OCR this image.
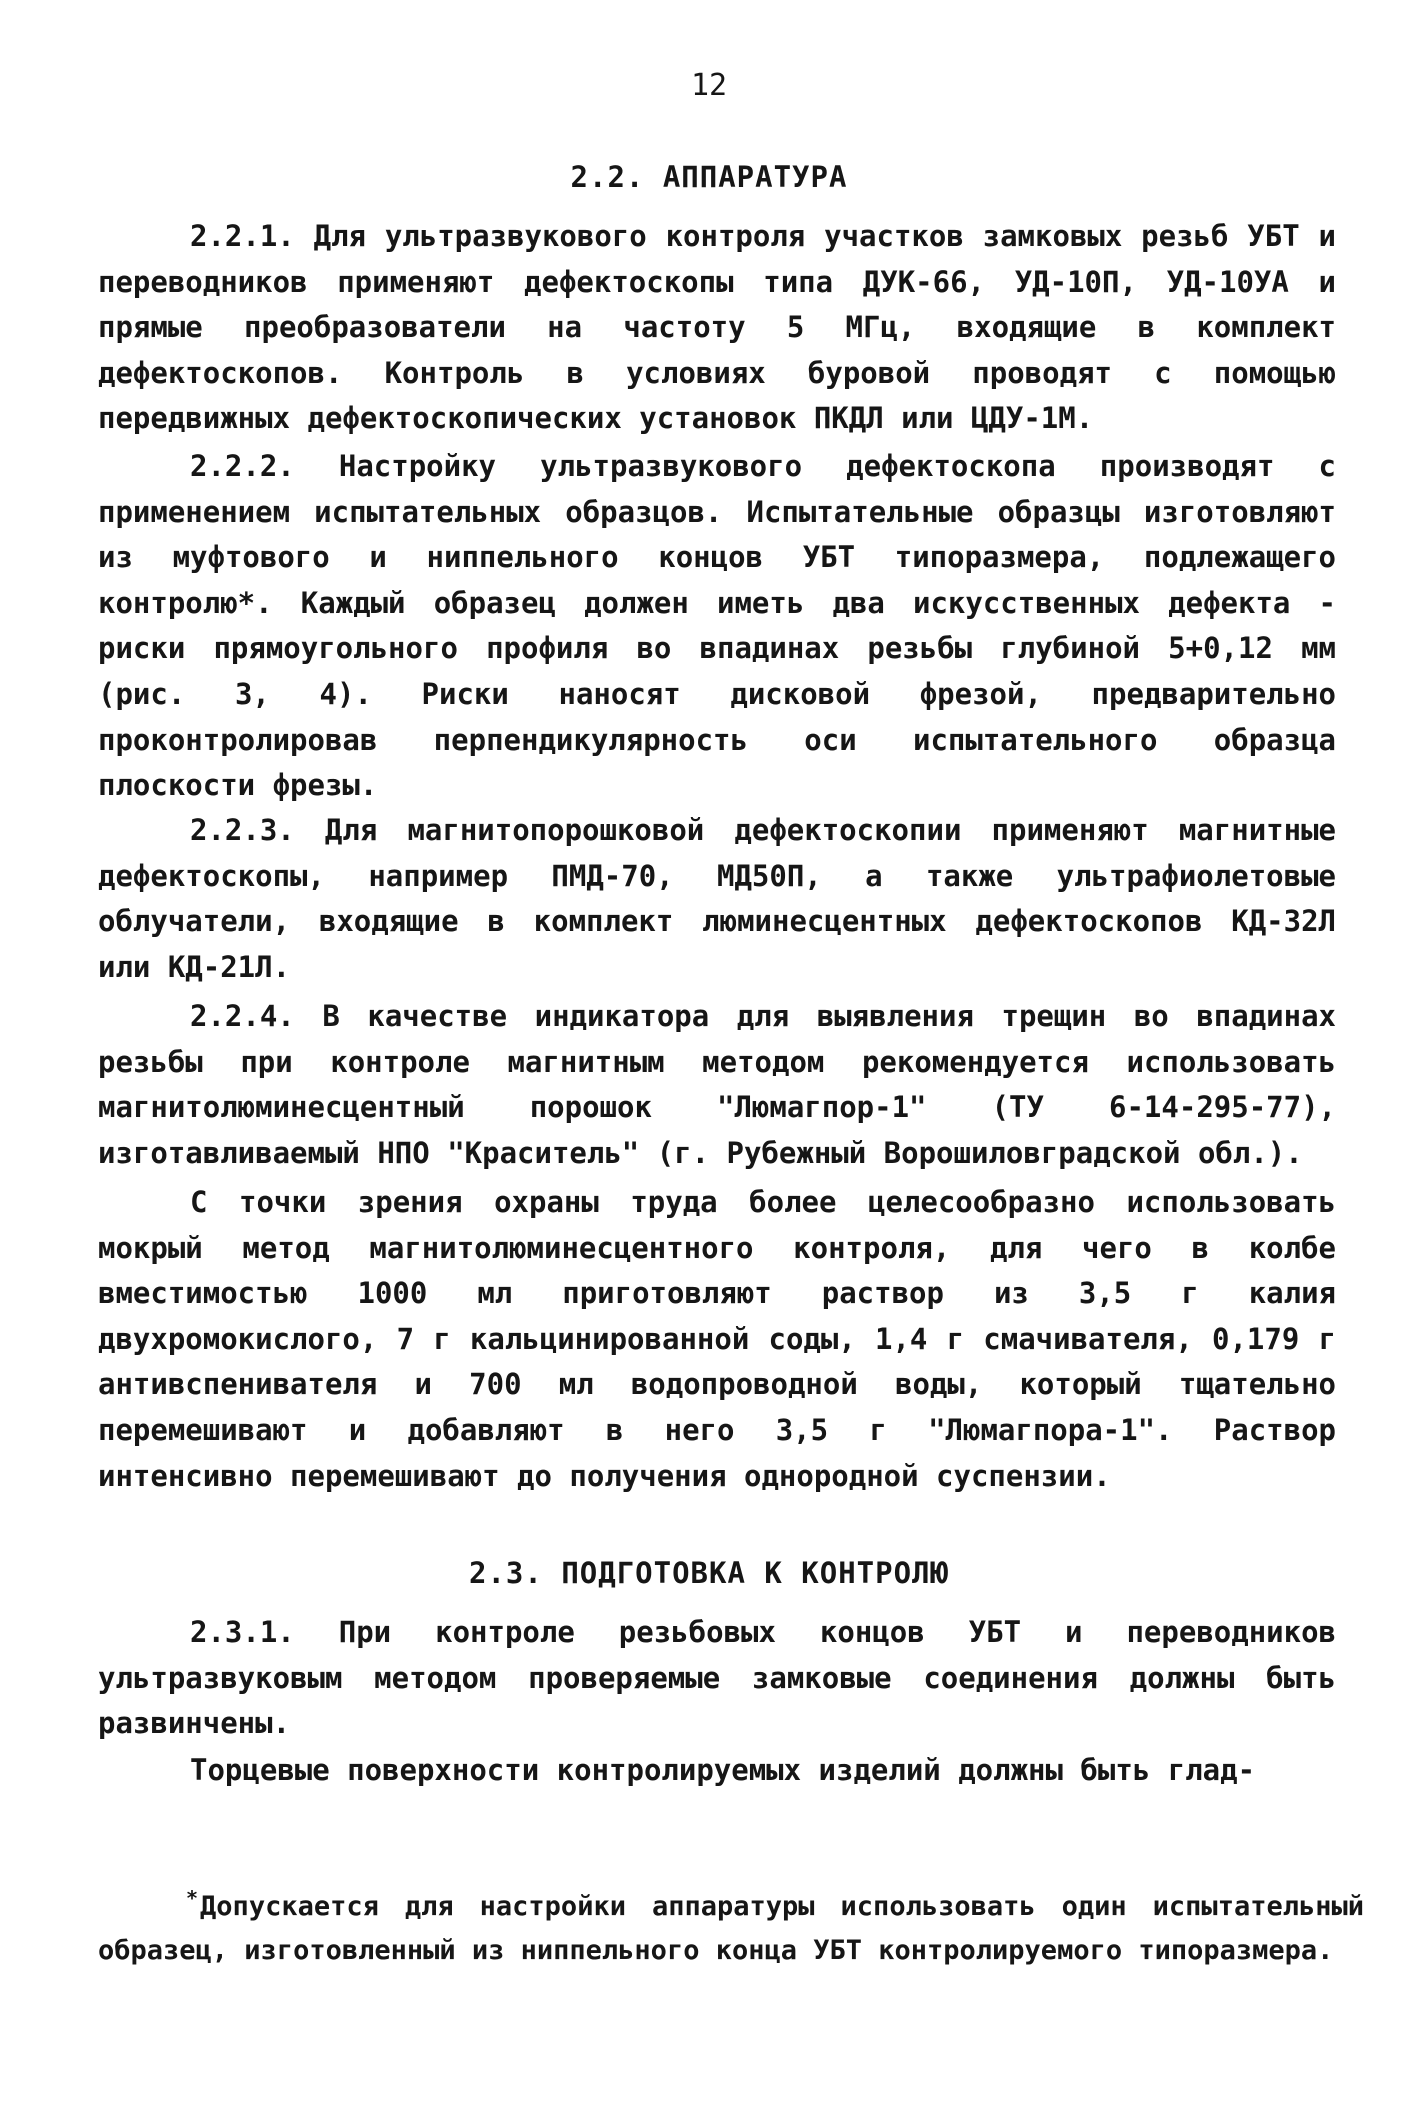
12
2.2. АППАРАТУРА

2.2.1. Для ультразвукового контроля участков замковых резьб УБТ и переводников применяют дефектоскопы типа ДУК-66, УД-10П, УД-10УА и прямые преобразователи на частоту 5 МГц, входящие в комплект дефектоскопов. Контроль в условиях буровой проводят с помощью передвижных дефектоскопических установок ПКДЛ или ЦДУ-1М.

2.2.2. Настройку ультразвукового дефектоскопа производят с применением испытательных образцов. Испытательные образцы изготовляют из муфтового и ниппельного концов УБТ типоразмера, подлежащего контролю*. Каждый образец должен иметь два искусственных дефекта - риски прямоугольного профиля во впадинах резьбы глубиной 5+0,12 мм (рис. 3, 4). Риски наносят дисковой фрезой, предварительно проконтролировав перпендикулярность оси испытательного образца плоскости фрезы.

2.2.3. Для магнитопорошковой дефектоскопии применяют магнитные дефектоскопы, например ПМД-70, МД50П, а также ультрафиолетовые облучатели, входящие в комплект люминесцентных дефектоскопов КД-32Л или КД-21Л.

2.2.4. В качестве индикатора для выявления трещин во впадинах резьбы при контроле магнитным методом рекомендуется использовать магнитолюминесцентный порошок "Люмагпор-1" (ТУ 6-14-295-77), изготавливаемый НПО "Краситель" (г. Рубежный Ворошиловградской обл.).

С точки зрения охраны труда более целесообразно использовать мокрый метод магнитолюминесцентного контроля, для чего в колбе вместимостью 1000 мл приготовляют раствор из 3,5 г калия двухромокислого, 7 г кальцинированной соды, 1,4 г смачивателя, 0,179 г антивспенивателя и 700 мл водопроводной воды, который тщательно перемешивают и добавляют в него 3,5 г "Люмагпора-1". Раствор интенсивно перемешивают до получения однородной суспензии.

2.3. ПОДГОТОВКА К КОНТРОЛЮ

2.3.1. При контроле резьбовых концов УБТ и переводников ультразвуковым методом проверяемые замковые соединения должны быть развинчены.

Торцевые поверхности контролируемых изделий должны быть глад-

*Допускается для настройки аппаратуры использовать один испытательный образец, изготовленный из ниппельного конца УБТ контролируемого типоразмера.
